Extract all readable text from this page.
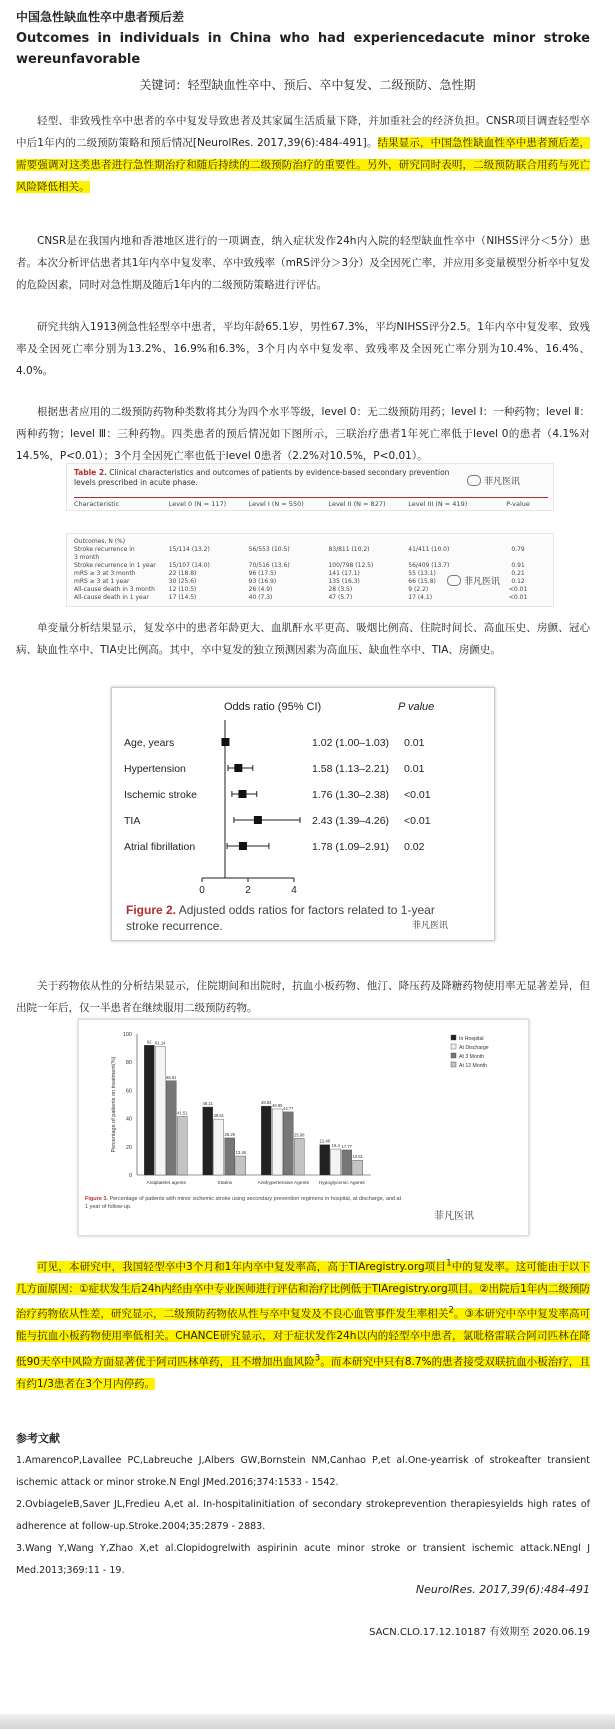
中国急性缺血性卒中患者预后差
Outcomes in individuals in China who had experiencedacute minor stroke
wereunfavorable
关键词：轻型缺血性卒中、预后、卒中复发、二级预防、急性期
轻型、非致残性卒中患者的卒中复发导致患者及其家属生活质量下降，并加重社会的经济负担。CNSR项目调查轻型卒中后1年内的二级预防策略和预后情况[NeurolRes. 2017,39(6):484-491]。结果显示，中国急性缺血性卒中患者预后差，需要强调对这类患者进行急性期治疗和随后持续的二级预防治疗的重要性。另外，研究同时表明，二级预防联合用药与死亡风险降低相关。
CNSR是在我国内地和香港地区进行的一项调查，纳入症状发作24h内入院的轻型缺血性卒中（NIHSS评分＜5分）患者。本次分析评估患者其1年内卒中复发率、卒中致残率（mRS评分＞3分）及全因死亡率，并应用多变量模型分析卒中复发的危险因素，同时对急性期及随后1年内的二级预防策略进行评估。
研究共纳入1913例急性轻型卒中患者，平均年龄65.1岁，男性67.3%，平均NIHSS评分2.5。1年内卒中复发率、致残率及全因死亡率分别为13.2%、16.9%和6.3%，3个月内卒中复发率、致残率及全因死亡率分别为10.4%、16.4%、4.0%。
根据患者应用的二级预防药物种类数将其分为四个水平等级，level 0：无二级预防用药；level Ⅰ：一种药物；level Ⅱ：两种药物；level Ⅲ：三种药物。四类患者的预后情况如下图所示，三联治疗患者1年死亡率低于level 0的患者（4.1%对14.5%，P<0.01）；3个月全因死亡率也低于level 0患者（2.2%对10.5%，P<0.01）。
Table 2. Clinical characteristics and outcomes of patients by evidence-based secondary prevention levels prescribed in acute phase.
Characteristic	Level 0 (N = 117)	Level I (N = 550)	Level II (N = 827)	Level III (N = 419)	P-value
菲凡医讯
Outcomes, N (%)
Stroke recurrence in	15/114 (13.2)	56/553 (10.5)	83/811 (10.2)	41/411 (10.0)	0.79
3 month
Stroke recurrence in 1 year	15/107 (14.0)	70/516 (13.6)	100/798 (12.5)	56/409 (13.7)	0.91
mRS ≥ 3 at 3 month	22 (18.8)	96 (17.5)	141 (17.1)	55 (13.1)	0.21
mRS ≥ 3 at 1 year	30 (25.6)	93 (16.9)	135 (16.3)	66 (15.8)	0.12
All-cause death in 3 month	12 (10.5)	26 (4.9)	28 (3.5)	9 (2.2)	<0.01
All-cause death in 1 year	17 (14.5)	40 (7.3)	47 (5.7)	17 (4.1)	<0.01
菲凡医讯
单变量分析结果显示，复发卒中的患者年龄更大、血肌酐水平更高、吸烟比例高、住院时间长、高血压史、房颤、冠心病、缺血性卒中、TIA史比例高。其中，卒中复发的独立预测因素为高血压、缺血性卒中、TIA、房颤史。
Odds ratio (95% CI)	P value
0	2	4
Age, years	1.02 (1.00–1.03) 0.01
Hypertension	1.58 (1.13–2.21) 0.01
Ischemic stroke	1.76 (1.30–2.38) <0.01
TIA	2.43 (1.39–4.26) <0.01
Atrial fibrillation	1.78 (1.09–2.91) 0.02
Figure 2. Adjusted odds ratios for factors related to 1-year
stroke recurrence.	菲凡医讯
关于药物依从性的分析结果显示，住院期间和出院时，抗血小板药物、他汀、降压药及降糖药物使用率无显著差异，但出院一年后，仅一半患者在继续服用二级预防药物。
100
80
60
40
20
0
Percentage of patients on treatment(%)
92 91.14
66.81
41.51
Antiplatelet agents
48.21
39.61
26.29
13.46
Statins
48.84
46.85
44.77
25.98
Antihypertensive Agents
21.48
18.4 17.77
10.51
Hypoglycemic Agents
In Hospital
At Discharge
At 3 Month
At 12 Month
Figure 3. Percentage of patients with minor ischemic stroke using secondary prevention regimens in hospital, at discharge, and at
1 year of follow-up.
菲凡医讯
可见，本研究中，我国轻型卒中3个月和1年内卒中复发率高，高于TIAregistry.org项目$^1$中的复发率。这可能由于以下几方面原因：①症状发生后24h内经由卒中专业医师进行评估和治疗比例低于TIAregistry.org项目。②出院后1年内二级预防治疗药物依从性差，研究显示，二级预防药物依从性与卒中复发及不良心血管事件发生率相关$^2$。③本研究中卒中复发率高可能与抗血小板药物使用率低相关。CHANCE研究显示，对于症状发作24h以内的轻型卒中患者，氯吡格雷联合阿司匹林在降低90天卒中风险方面显著优于阿司匹林单药，且不增加出血风险$^3$。而本研究中只有8.7%的患者接受双联抗血小板治疗，且有约1/3患者在3个月内停药。
参考文献
1.AmarencoP,Lavallee PC,Labreuche J,Albers GW,Bornstein NM,Canhao P,et al.One-yearrisk of strokeafter transient ischemic attack or minor stroke.N Engl JMed.2016;374:1533 - 1542.
2.OvbiageleB,Saver JL,Fredieu A,et al. In-hospitalinitiation of secondary strokeprevention therapiesyields high rates of adherence at follow-up.Stroke.2004;35:2879 - 2883.
3.Wang Y,Wang Y,Zhao X,et al.Clopidogrelwith aspirinin acute minor stroke or transient ischemic attack.NEngl J Med.2013;369:11 - 19.
NeurolRes. 2017,39(6):484-491
SACN.CLO.17.12.10187 有效期至 2020.06.19
